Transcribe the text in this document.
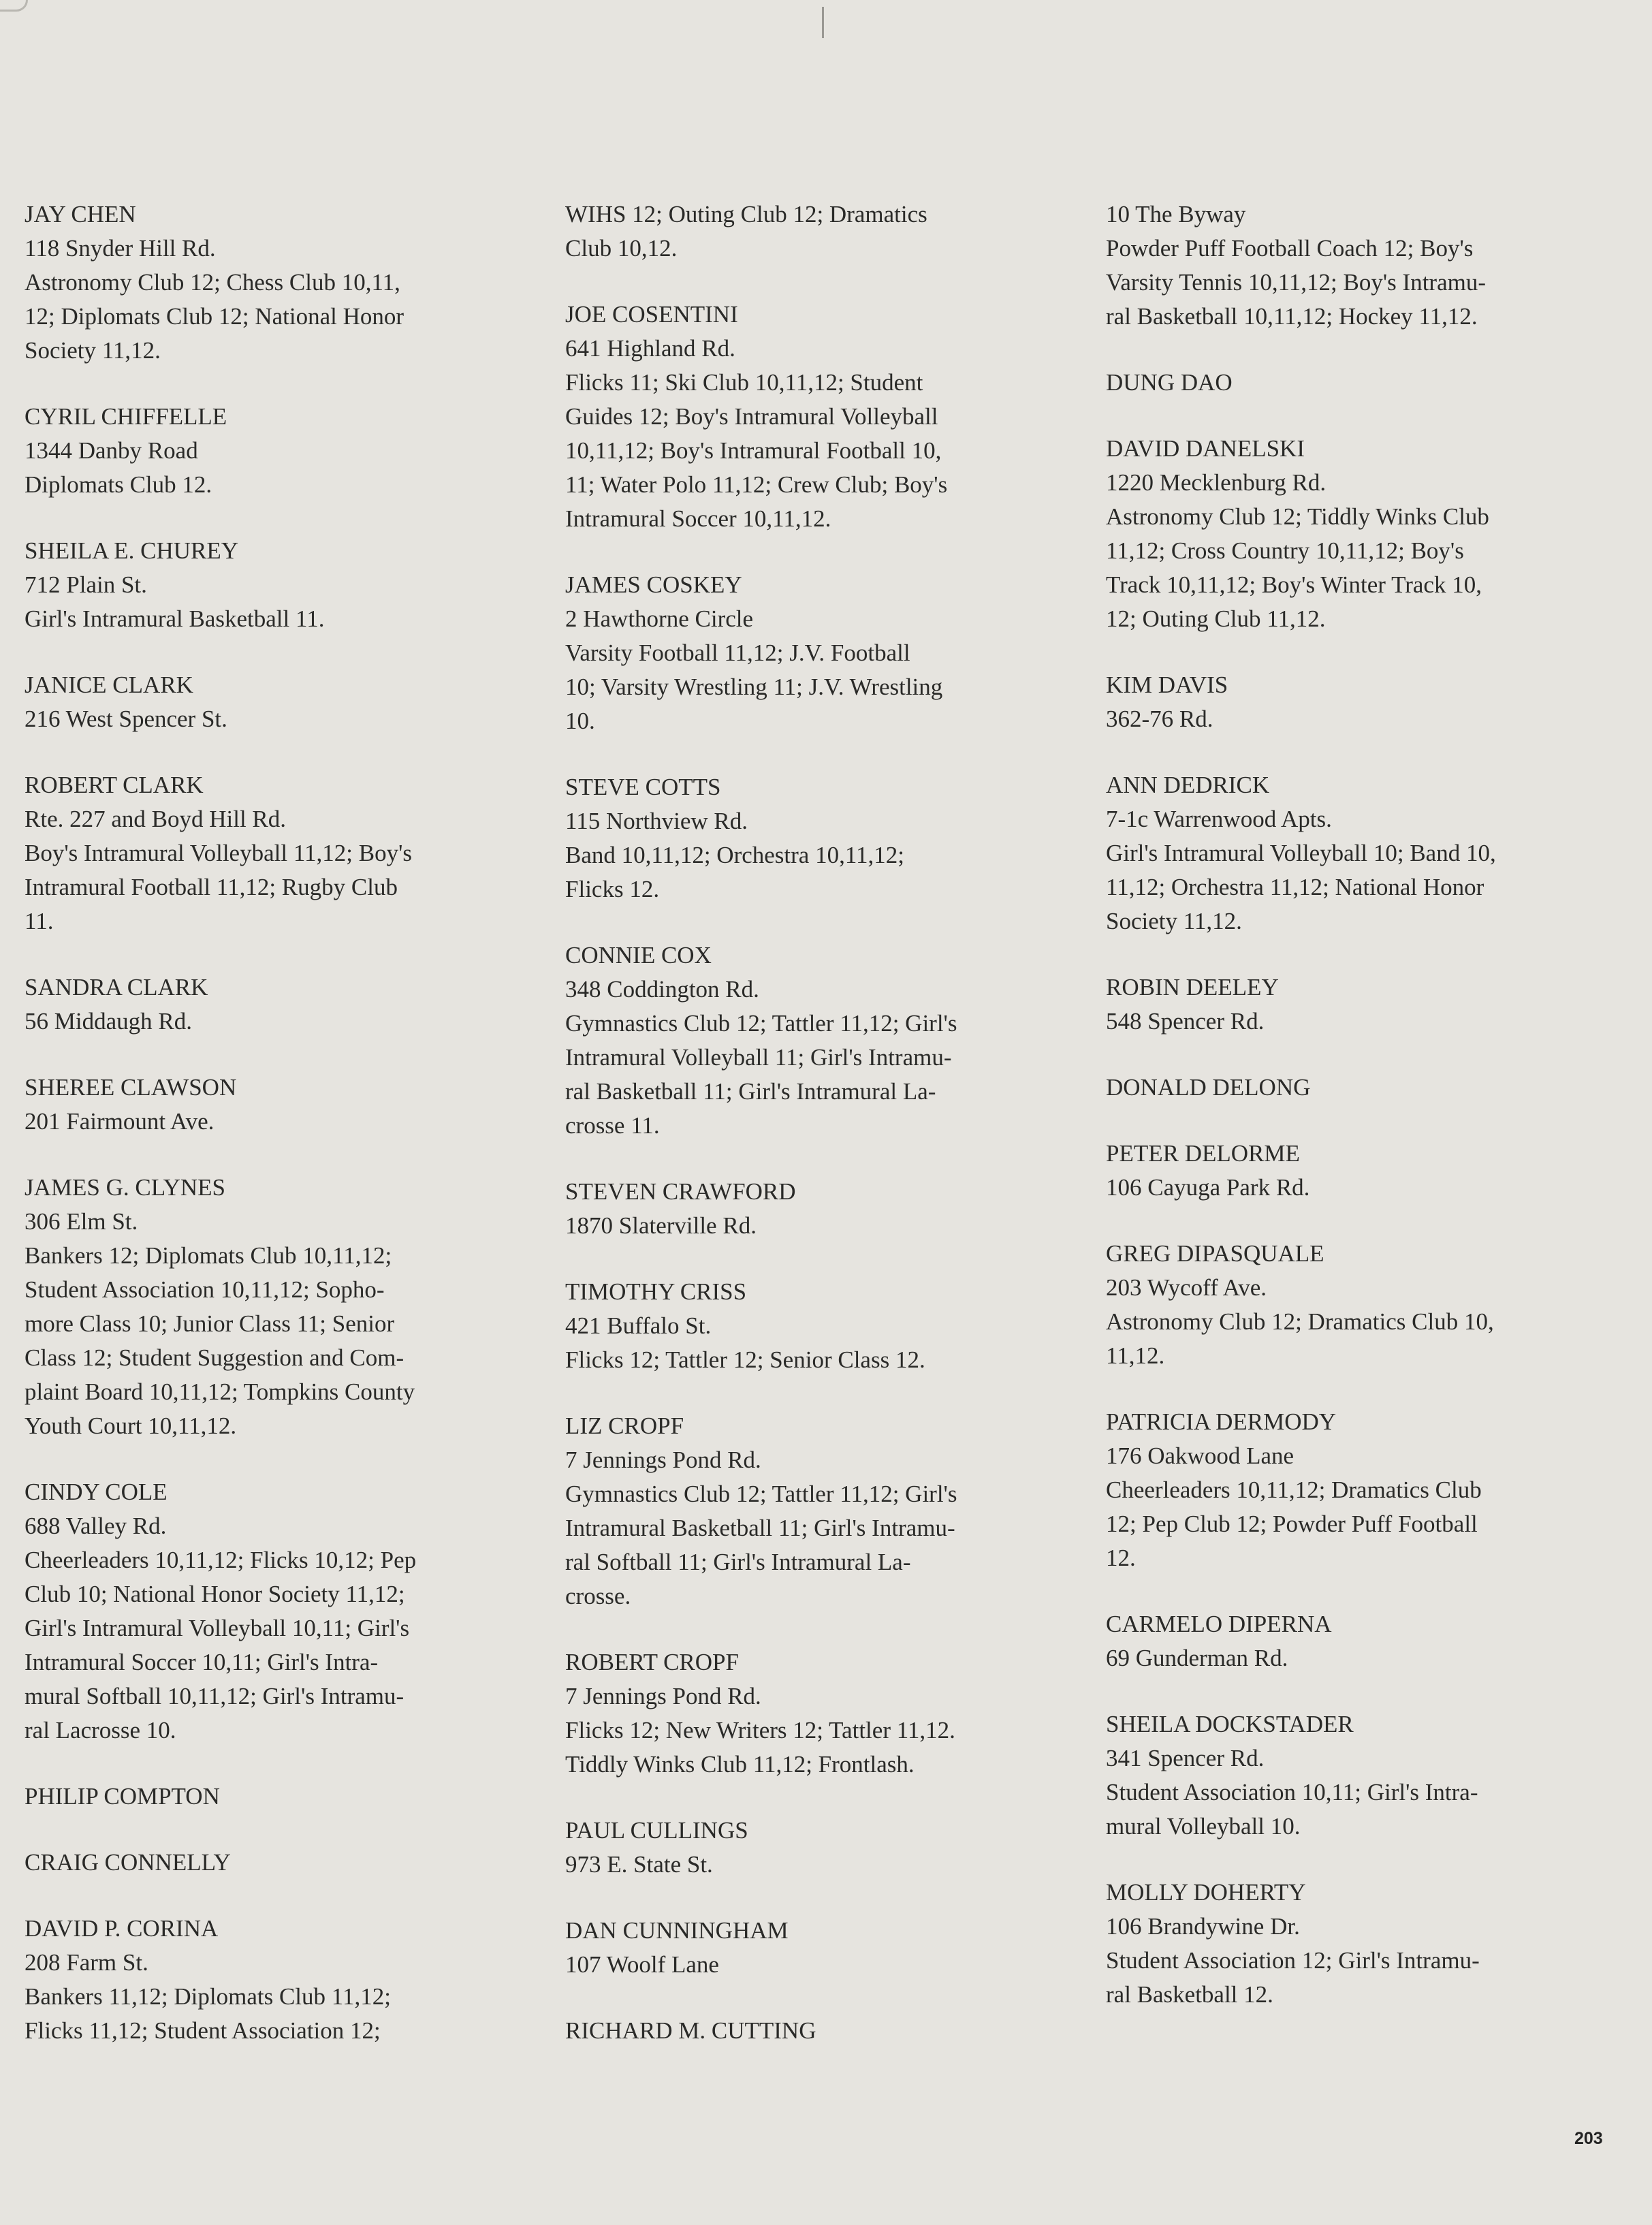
JAY CHEN
118 Snyder Hill Rd.
Astronomy Club 12; Chess Club 10,11,
12; Diplomats Club 12; National Honor
Society 11,12.
CYRIL CHIFFELLE
1344 Danby Road
Diplomats Club 12.
SHEILA E. CHUREY
712 Plain St.
Girl's Intramural Basketball 11.
JANICE CLARK
216 West Spencer St.
ROBERT CLARK
Rte. 227 and Boyd Hill Rd.
Boy's Intramural Volleyball 11,12; Boy's
Intramural Football 11,12; Rugby Club
11.
SANDRA CLARK
56 Middaugh Rd.
SHEREE CLAWSON
201 Fairmount Ave.
JAMES G. CLYNES
306 Elm St.
Bankers 12; Diplomats Club 10,11,12;
Student Association 10,11,12; Sopho-
more Class 10; Junior Class 11; Senior
Class 12; Student Suggestion and Com-
plaint Board 10,11,12; Tompkins County
Youth Court 10,11,12.
CINDY COLE
688 Valley Rd.
Cheerleaders 10,11,12; Flicks 10,12; Pep
Club 10; National Honor Society 11,12;
Girl's Intramural Volleyball 10,11; Girl's
Intramural Soccer 10,11; Girl's Intra-
mural Softball 10,11,12; Girl's Intramu-
ral Lacrosse 10.
PHILIP COMPTON
CRAIG CONNELLY
DAVID P. CORINA
208 Farm St.
Bankers 11,12; Diplomats Club 11,12;
Flicks 11,12; Student Association 12;
WIHS 12; Outing Club 12; Dramatics
Club 10,12.
JOE COSENTINI
641 Highland Rd.
Flicks 11; Ski Club 10,11,12; Student
Guides 12; Boy's Intramural Volleyball
10,11,12; Boy's Intramural Football 10,
11; Water Polo 11,12; Crew Club; Boy's
Intramural Soccer 10,11,12.
JAMES COSKEY
2 Hawthorne Circle
Varsity Football 11,12; J.V. Football
10; Varsity Wrestling 11; J.V. Wrestling
10.
STEVE COTTS
115 Northview Rd.
Band 10,11,12; Orchestra 10,11,12;
Flicks 12.
CONNIE COX
348 Coddington Rd.
Gymnastics Club 12; Tattler 11,12; Girl's
Intramural Volleyball 11; Girl's Intramu-
ral Basketball 11; Girl's Intramural La-
crosse 11.
STEVEN CRAWFORD
1870 Slaterville Rd.
TIMOTHY CRISS
421 Buffalo St.
Flicks 12; Tattler 12; Senior Class 12.
LIZ CROPF
7 Jennings Pond Rd.
Gymnastics Club 12; Tattler 11,12; Girl's
Intramural Basketball 11; Girl's Intramu-
ral Softball 11; Girl's Intramural La-
crosse.
ROBERT CROPF
7 Jennings Pond Rd.
Flicks 12; New Writers 12; Tattler 11,12.
Tiddly Winks Club 11,12; Frontlash.
PAUL CULLINGS
973 E. State St.
DAN CUNNINGHAM
107 Woolf Lane
RICHARD M. CUTTING
10 The Byway
Powder Puff Football Coach 12; Boy's
Varsity Tennis 10,11,12; Boy's Intramu-
ral Basketball 10,11,12; Hockey 11,12.
DUNG DAO
DAVID DANELSKI
1220 Mecklenburg Rd.
Astronomy Club 12; Tiddly Winks Club
11,12; Cross Country 10,11,12; Boy's
Track 10,11,12; Boy's Winter Track 10,
12; Outing Club 11,12.
KIM DAVIS
362-76 Rd.
ANN DEDRICK
7-1c Warrenwood Apts.
Girl's Intramural Volleyball 10; Band 10,
11,12; Orchestra 11,12; National Honor
Society 11,12.
ROBIN DEELEY
548 Spencer Rd.
DONALD DELONG
PETER DELORME
106 Cayuga Park Rd.
GREG DIPASQUALE
203 Wycoff Ave.
Astronomy Club 12; Dramatics Club 10,
11,12.
PATRICIA DERMODY
176 Oakwood Lane
Cheerleaders 10,11,12; Dramatics Club
12; Pep Club 12; Powder Puff Football
12.
CARMELO DIPERNA
69 Gunderman Rd.
SHEILA DOCKSTADER
341 Spencer Rd.
Student Association 10,11; Girl's Intra-
mural Volleyball 10.
MOLLY DOHERTY
106 Brandywine Dr.
Student Association 12; Girl's Intramu-
ral Basketball 12.
203
